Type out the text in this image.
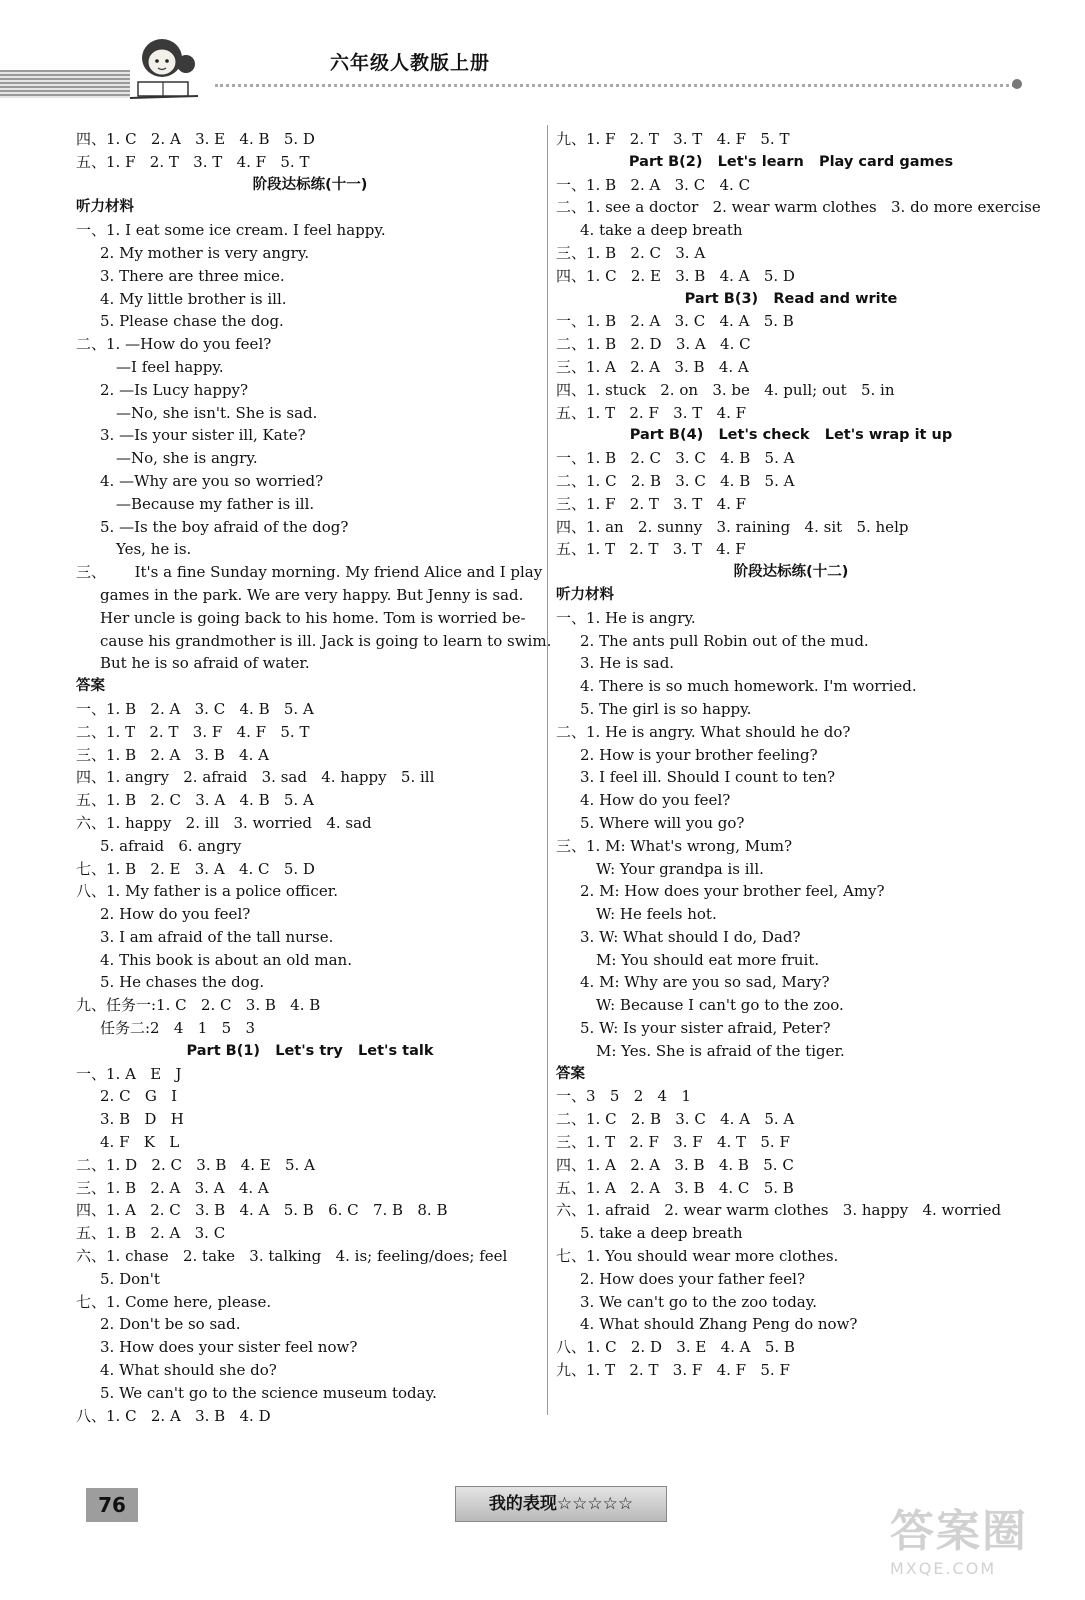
六年级人教版上册
四、1. C   2. A   3. E   4. B   5. D
五、1. F   2. T   3. T   4. F   5. T
阶段达标练(十一)
听力材料
一、1. I eat some ice cream. I feel happy.
2. My mother is very angry.
3. There are three mice.
4. My little brother is ill.
5. Please chase the dog.
二、1. —How do you feel?
—I feel happy.
2. —Is Lucy happy?
—No, she isn't. She is sad.
3. —Is your sister ill, Kate?
—No, she is angry.
4. —Why are you so worried?
—Because my father is ill.
5. —Is the boy afraid of the dog?
Yes, he is.
三、      It's a fine Sunday morning. My friend Alice and I play
games in the park. We are very happy. But Jenny is sad.
Her uncle is going back to his home. Tom is worried be-
cause his grandmother is ill. Jack is going to learn to swim.
But he is so afraid of water.
答案
一、1. B   2. A   3. C   4. B   5. A
二、1. T   2. T   3. F   4. F   5. T
三、1. B   2. A   3. B   4. A
四、1. angry   2. afraid   3. sad   4. happy   5. ill
五、1. B   2. C   3. A   4. B   5. A
六、1. happy   2. ill   3. worried   4. sad
5. afraid   6. angry
七、1. B   2. E   3. A   4. C   5. D
八、1. My father is a police officer.
2. How do you feel?
3. I am afraid of the tall nurse.
4. This book is about an old man.
5. He chases the dog.
九、任务一:1. C   2. C   3. B   4. B
任务二:2   4   1   5   3
Part B(1)   Let's try   Let's talk
一、1. A   E   J
2. C   G   I
3. B   D   H
4. F   K   L
二、1. D   2. C   3. B   4. E   5. A
三、1. B   2. A   3. A   4. A
四、1. A   2. C   3. B   4. A   5. B   6. C   7. B   8. B
五、1. B   2. A   3. C
六、1. chase   2. take   3. talking   4. is; feeling/does; feel
5. Don't
七、1. Come here, please.
2. Don't be so sad.
3. How does your sister feel now?
4. What should she do?
5. We can't go to the science museum today.
八、1. C   2. A   3. B   4. D
九、1. F   2. T   3. T   4. F   5. T
Part B(2)   Let's learn   Play card games
一、1. B   2. A   3. C   4. C
二、1. see a doctor   2. wear warm clothes   3. do more exercise
4. take a deep breath
三、1. B   2. C   3. A
四、1. C   2. E   3. B   4. A   5. D
Part B(3)   Read and write
一、1. B   2. A   3. C   4. A   5. B
二、1. B   2. D   3. A   4. C
三、1. A   2. A   3. B   4. A
四、1. stuck   2. on   3. be   4. pull; out   5. in
五、1. T   2. F   3. T   4. F
Part B(4)   Let's check   Let's wrap it up
一、1. B   2. C   3. C   4. B   5. A
二、1. C   2. B   3. C   4. B   5. A
三、1. F   2. T   3. T   4. F
四、1. an   2. sunny   3. raining   4. sit   5. help
五、1. T   2. T   3. T   4. F
阶段达标练(十二)
听力材料
一、1. He is angry.
2. The ants pull Robin out of the mud.
3. He is sad.
4. There is so much homework. I'm worried.
5. The girl is so happy.
二、1. He is angry. What should he do?
2. How is your brother feeling?
3. I feel ill. Should I count to ten?
4. How do you feel?
5. Where will you go?
三、1. M: What's wrong, Mum?
W: Your grandpa is ill.
2. M: How does your brother feel, Amy?
W: He feels hot.
3. W: What should I do, Dad?
M: You should eat more fruit.
4. M: Why are you so sad, Mary?
W: Because I can't go to the zoo.
5. W: Is your sister afraid, Peter?
M: Yes. She is afraid of the tiger.
答案
一、3   5   2   4   1
二、1. C   2. B   3. C   4. A   5. A
三、1. T   2. F   3. F   4. T   5. F
四、1. A   2. A   3. B   4. B   5. C
五、1. A   2. A   3. B   4. C   5. B
六、1. afraid   2. wear warm clothes   3. happy   4. worried
5. take a deep breath
七、1. You should wear more clothes.
2. How does your father feel?
3. We can't go to the zoo today.
4. What should Zhang Peng do now?
八、1. C   2. D   3. E   4. A   5. B
九、1. T   2. T   3. F   4. F   5. F
76	我的表现☆☆☆☆☆
答案圈
MXQE.COM
